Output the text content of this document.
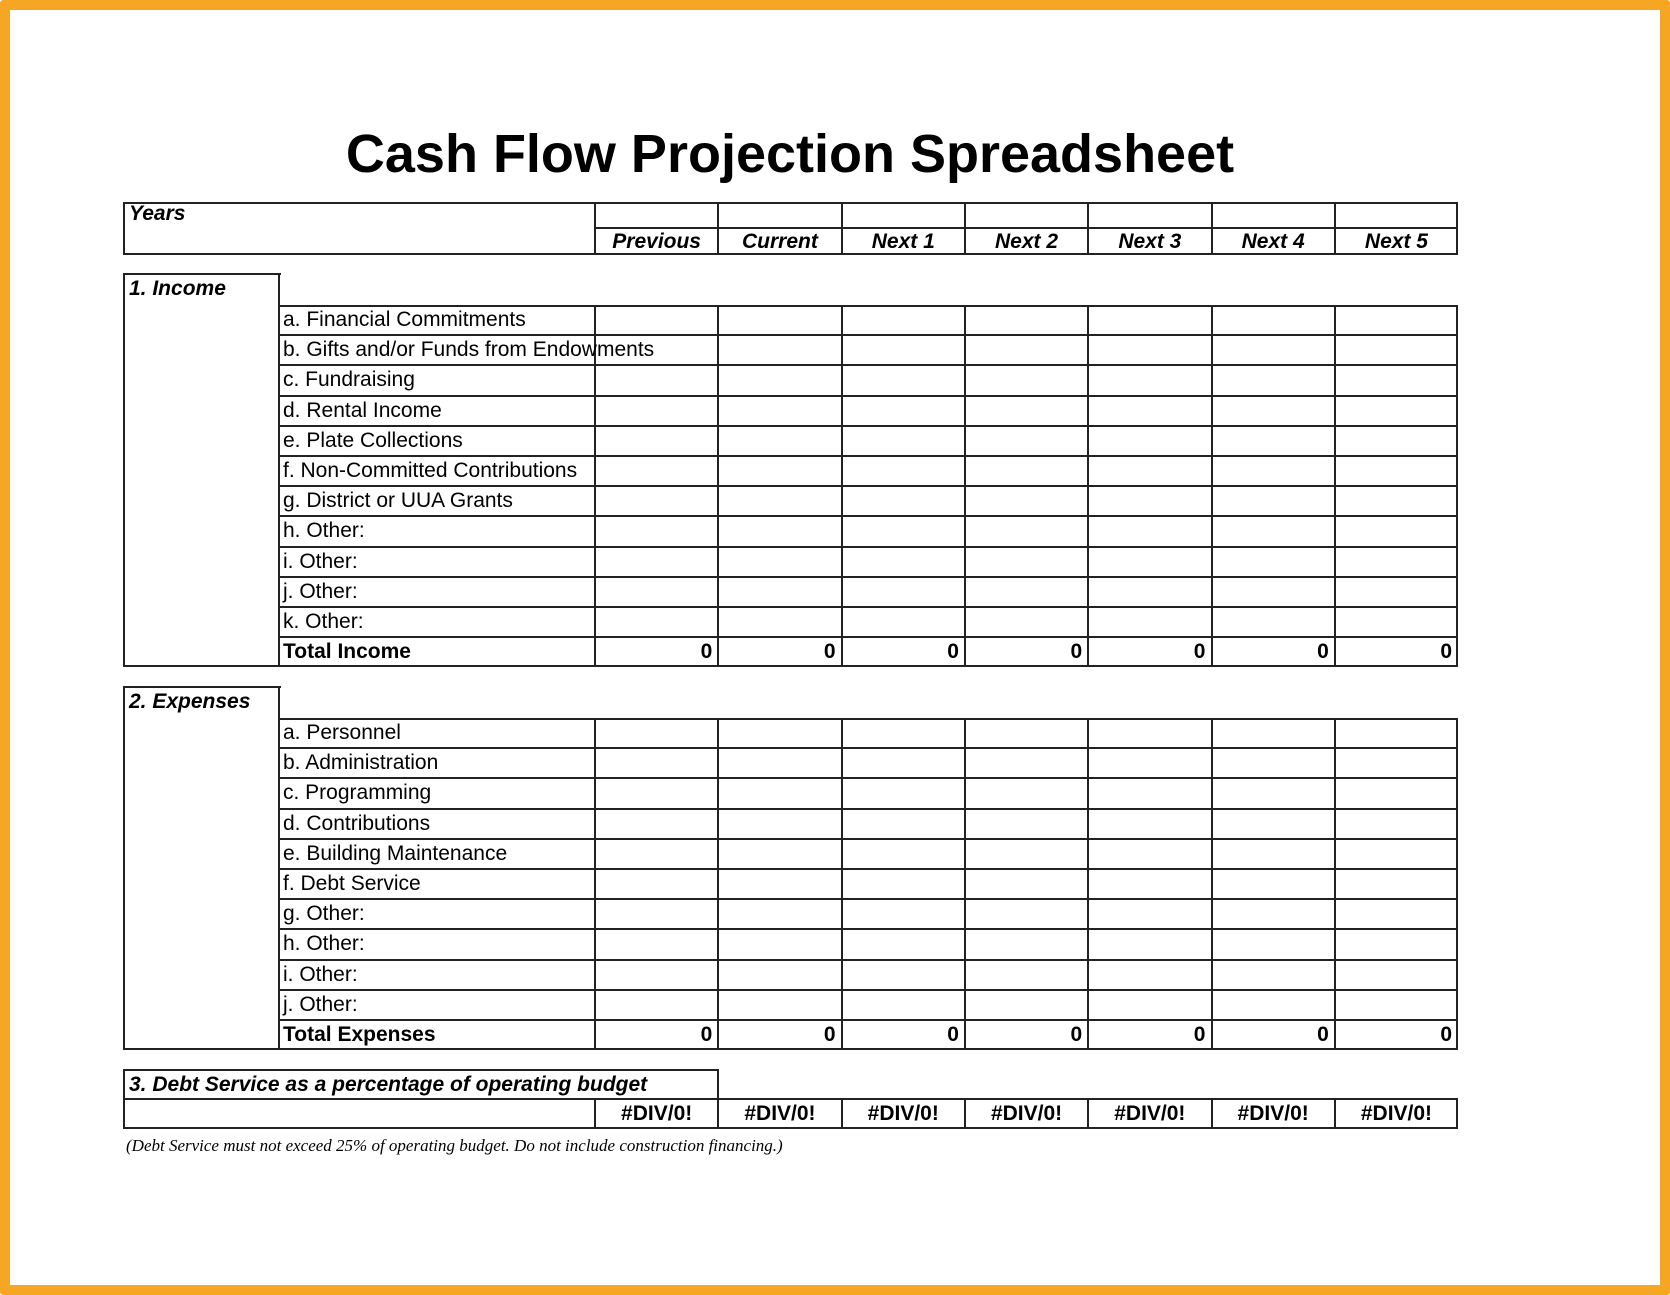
Cash Flow Projection Spreadsheet
Years
Previous	Current	Next 1	Next 2	Next 3	Next 4	Next 5
1. Income
a. Financial Commitments
b. Gifts and/or Funds from Endowments
c. Fundraising
d. Rental Income
e. Plate Collections
f. Non-Committed Contributions
g. District or UUA Grants
h. Other:
i. Other:
j. Other:
k. Other:
Total Income	0	0	0	0	0	0	0
2. Expenses
a. Personnel
b. Administration
c. Programming
d. Contributions
e. Building Maintenance
f. Debt Service
g. Other:
h. Other:
i. Other:
j. Other:
Total Expenses	0	0	0	0	0	0	0
3. Debt Service as a percentage of operating budget
#DIV/0!	#DIV/0!	#DIV/0!	#DIV/0!	#DIV/0!	#DIV/0!	#DIV/0!
(Debt Service must not exceed 25% of operating budget. Do not include construction financing.)
